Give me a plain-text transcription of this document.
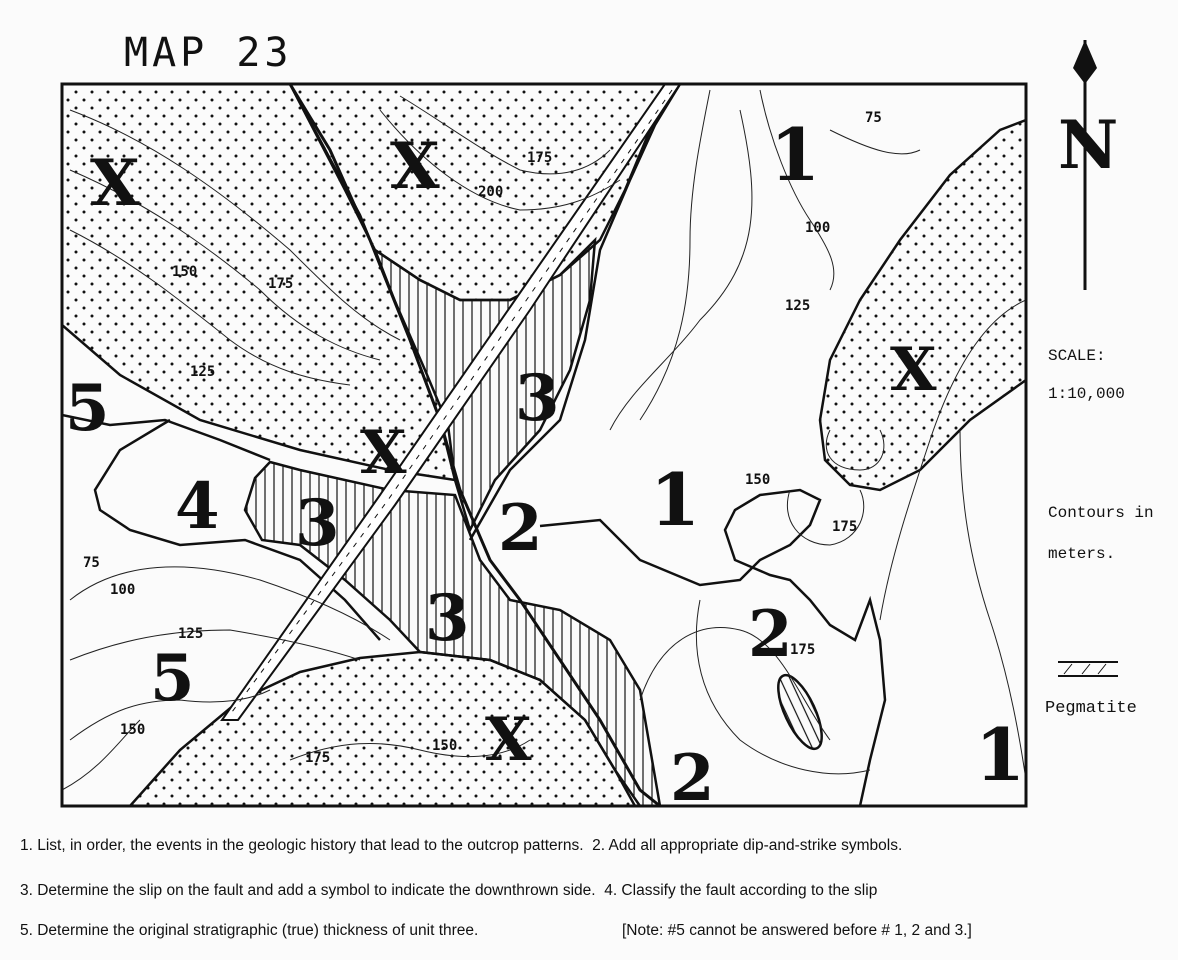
MAP 23
X	X
X
X
X
1
1
1
2
2
2
3
3
3
4
5
5
75
100
125
150
175
175
200
150
175
125
75
100
125
150
150
175
175
N
SCALE:
1:10,000
Contours in
meters.
Pegmatite
1. List, in order, the events in the geologic history that lead to the outcrop patterns. 2. Add all appropriate dip-and-strike symbols.
3. Determine the slip on the fault and add a symbol to indicate the downthrown side. 4. Classify the fault according to the slip
5. Determine the original stratigraphic (true) thickness of unit three.	[Note: #5 cannot be answered before # 1, 2 and 3.]
